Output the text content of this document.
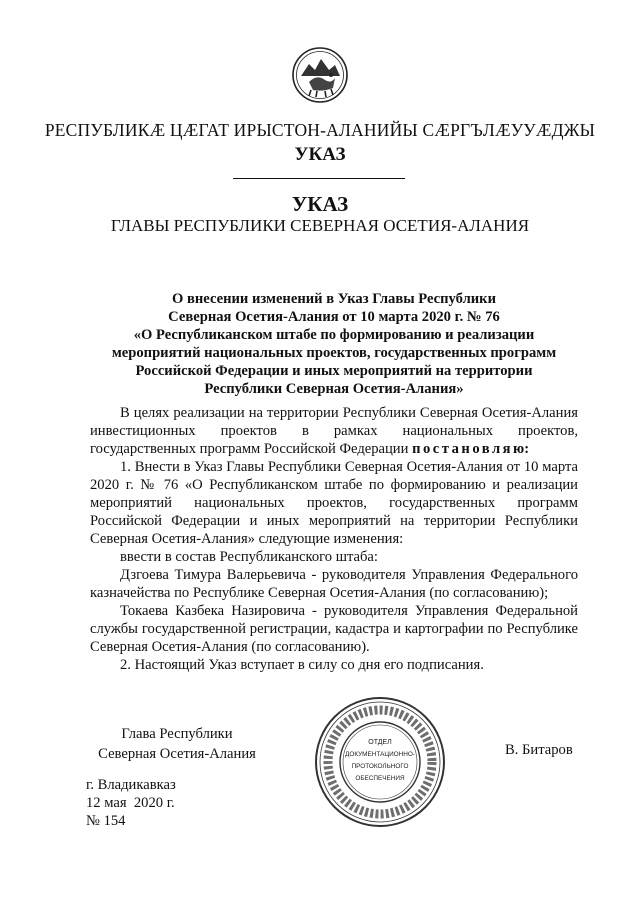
РЕСПУБЛИКӔ ЦӔГАТ ИРЫСТОН-АЛАНИЙЫ СӔРГЪЛӔУУӔДЖЫ
УКАЗ
УКАЗ
ГЛАВЫ РЕСПУБЛИКИ СЕВЕРНАЯ ОСЕТИЯ-АЛАНИЯ
О внесении изменений в Указ Главы Республики
Северная Осетия-Алания от 10 марта 2020 г. № 76
«О Республиканском штабе по формированию и реализации
мероприятий национальных проектов, государственных программ
Российской Федерации и иных мероприятий на территории
Республики Северная Осетия-Алания»

В целях реализации на территории Республики Северная Осетия-Алания инвестиционных проектов в рамках национальных проектов, государственных программ Российской Федерации постановляю:

1. Внести в Указ Главы Республики Северная Осетия-Алания от 10 марта 2020 г. № 76 «О Республиканском штабе по формированию и реализации мероприятий национальных проектов, государственных программ Российской Федерации и иных мероприятий на территории Республики Северная Осетия-Алания» следующие изменения:

ввести в состав Республиканского штаба:

Дзгоева Тимура Валерьевича - руководителя Управления Федерального казначейства по Республике Северная Осетия-Алания (по согласованию);

Токаева Казбека Назировича - руководителя Управления Федеральной службы государственной регистрации, кадастра и картографии по Республике Северная Осетия-Алания (по согласованию).

2. Настоящий Указ вступает в силу со дня его подписания.

Глава Республики
Северная Осетия-Алания
ОТДЕЛ
ДОКУМЕНТАЦИОННО-
ПРОТОКОЛЬНОГО
ОБЕСПЕЧЕНИЯ
В. Битаров
г. Владикавказ
12 мая  2020 г.
№ 154
